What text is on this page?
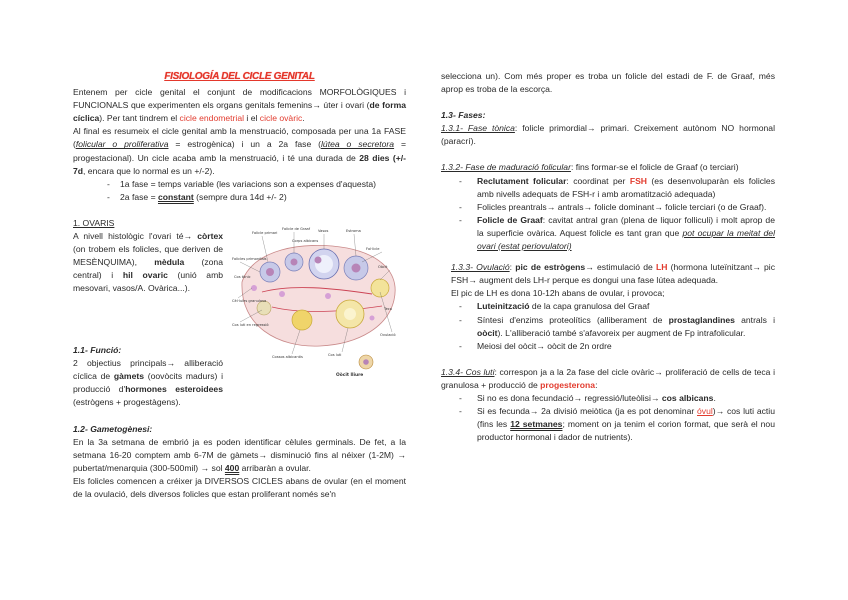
FISIOLOGÍA DEL CICLE GENITAL

Entenem per cicle genital el conjunt de modificacions MORFOLÒGIQUES i FUNCIONALS que experimenten els organs genitals femenins→ úter i ovari (de forma cíclica). Per tant tindrem el cicle endometrial i el cicle ovàric.

Al final es resumeix el cicle genital amb la menstruació, composada per una 1a FASE (folicular o proliferativa = estrogènica) i un a 2a fase (lútea o secretora = progestacional). Un cicle acaba amb la menstruació, i té una durada de 28 dies (+/- 7d, encara que lo normal es un +/-2).

- 1a fase = temps variable (les variacions son a expenses d'aquesta)
- 2a fase = constant (sempre dura 14d +/- 2)

1. OVARIS

A nivell histològic l'ovari té→ còrtex (on trobem els folicles, que deriven de MESÈNQUIMA), mèdula (zona central) i hil ovaric (unió amb mesovari, vasos/A. Ovàrica...).

Folicle primari
Folicle de Graaf Vasos	Estroma
Fol·licle
Oòcit
Folicles primordials
Cèl·lules granulosa
Cos luti en regressió
Cossos albicantis	Cos luti
Ovulació
Teca
Oòcit lliure
Corps albicans
Cos tònic

1.1- Funció:

2 objectius principals→ alliberació cíclica de gàmets (oovòcits madurs) i producció d'hormones esteroidees (estrògens + progestàgens).

1.2- Gametogènesi:

En la 3a setmana de embrió ja es poden identificar cèlules germinals. De fet, a la setmana 16-20 comptem amb 6-7M de gàmets→ disminució fins al néixer (1-2M) → pubertat/menarquia (300-500mil) → sol 400 arribaràn a ovular.

Els folicles comencen a créixer ja DIVERSOS CICLES abans de ovular (en el moment de la ovulació, dels diversos folicles que estan proliferant només se'n

selecciona un). Com més proper es troba un folicle del estadi de F. de Graaf, més aprop es troba de la escorça.

1.3- Fases:

1.3.1- Fase tònica: folicle primordial→ primari. Creixement autònom NO hormonal (paracrí).

1.3.2- Fase de maduració folicular: fins formar-se el folicle de Graaf (o terciari)

- Reclutament folicular: coordinat per FSH (es desenvoluparàn els folicles amb nivells adequats de FSH-r i amb aromatització adequada)
- Folicles preantrals→ antrals→ folicle dominant→ folicle terciari (o de Graaf).
- Folicle de Graaf: cavitat antral gran (plena de liquor folliculi) i molt aprop de la superficie ovàrica. Aquest folicle es tant gran que pot ocupar la meitat del ovari (estat periovulatori)

1.3.3- Ovulació: pic de estrògens→ estimulació de LH (hormona luteïnitzant→ pic FSH→ augment dels LH-r perque es dongui una fase lútea adequada.

El pic de LH es dona 10-12h abans de ovular, i provoca;

- Luteinització de la capa granulosa del Graaf
- Síntesi d'enzims proteolítics (alliberament de prostaglandines antrals i oòcit). L'alliberació també s'afavoreix per augment de Fp intrafolicular.
- Meiosi del oòcit→ oòcit de 2n ordre

1.3.4- Cos luti: correspon ja a la 2a fase del cicle ovàric→ proliferació de cells de teca i granulosa + producció de progesterona:

- Si no es dona fecundació→ regressió/luteòlisi→ cos albicans.
- Si es fecunda→ 2a divisió meiòtica (ja es pot denominar óvul)→ cos luti actiu (fins les 12 setmanes; moment on ja tenim el corion format, que serà el nou productor hormonal i dador de nutrients).
